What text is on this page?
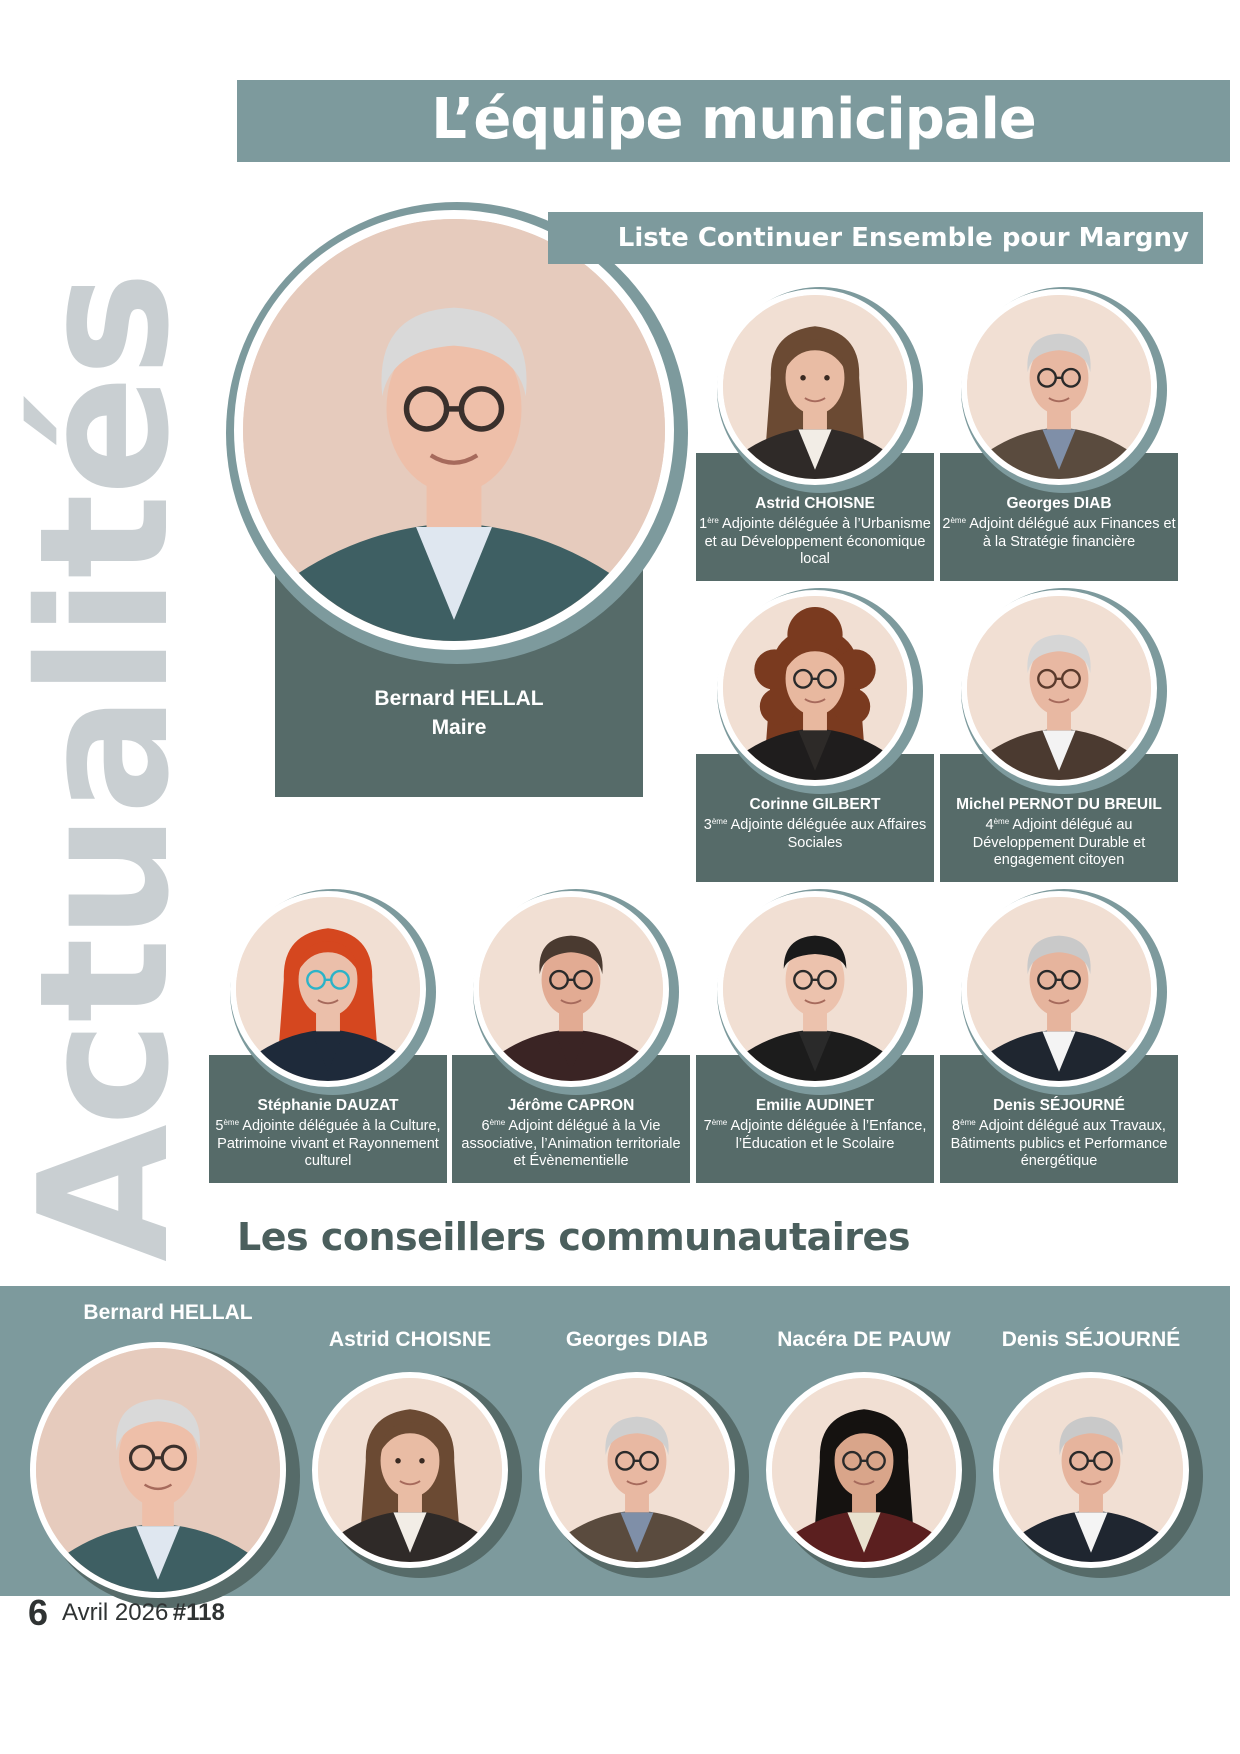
Actualités
L’équipe municipale
Bernard HELLAL
Maire
Liste Continuer Ensemble pour Margny
Astrid CHOISNE
1ère Adjointe déléguée à l’Urbanisme et au Développement économique local
Georges DIAB
2ème Adjoint délégué aux Finances et à la Stratégie financière
Corinne GILBERT
3ème Adjointe déléguée aux Affaires Sociales
Michel PERNOT DU BREUIL
4ème Adjoint délégué au Développement Durable et engagement citoyen
Stéphanie DAUZAT
5ème Adjointe déléguée à la Culture, Patrimoine vivant et Rayonnement culturel
Jérôme CAPRON
6ème Adjoint délégué à la Vie associative, l’Animation territoriale et Évènementielle
Emilie AUDINET
7ème Adjointe déléguée à l’Enfance, l’Éducation et le Scolaire
Denis SÉJOURNÉ
8ème Adjoint délégué aux Travaux, Bâtiments publics et Performance énergétique
Les conseillers communautaires
Bernard HELLAL
Astrid CHOISNE	Georges DIAB	Nacéra DE PAUW	Denis SÉJOURNÉ
6 Avril 2026 #118
